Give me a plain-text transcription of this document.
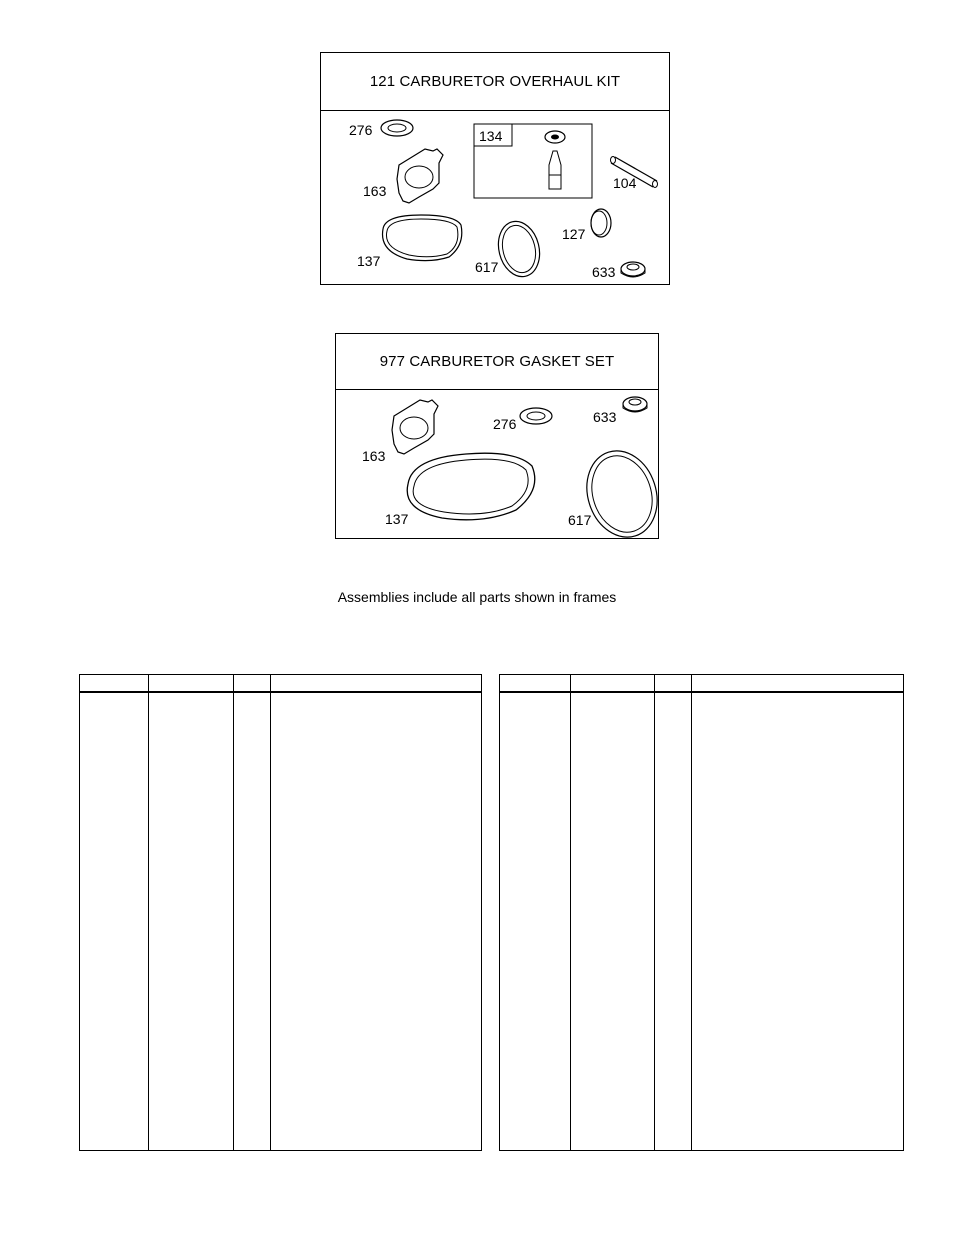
121 CARBURETOR OVERHAUL KIT
276	134
163	104
127
137	617	633
977 CARBURETOR GASKET SET
163
276	633
137	617
Assemblies include all parts shown in frames
